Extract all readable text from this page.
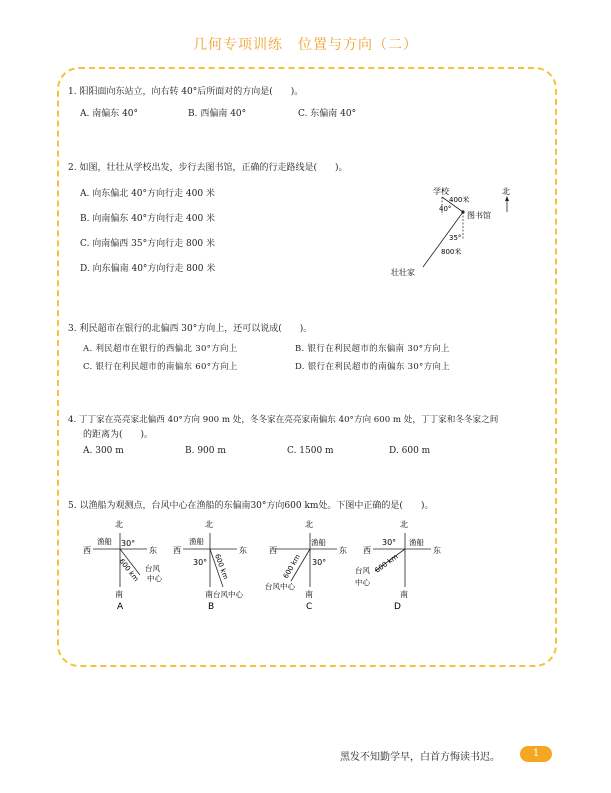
几何专项训练　位置与方向（二）
1. 阳阳面向东站立，向右转 40°后所面对的方向是(　　)。
A. 南偏东 40°	B. 西偏南 40°	C. 东偏南 40°
2. 如图，壮壮从学校出发，步行去图书馆，正确的行走路线是(　　)。
A. 向东偏北 40°方向行走 400 米
B. 向南偏东 40°方向行走 400 米
C. 向南偏西 35°方向行走 800 米
D. 向东偏南 40°方向行走 800 米
学校	北
400米
40°
图书馆
35°
800米
壮壮家
3. 利民超市在银行的北偏西 30°方向上，还可以说成(　　)。
A. 利民超市在银行的西偏北 30°方向上	B. 银行在利民超市的东偏南 30°方向上
C. 银行在利民超市的南偏东 60°方向上	D. 银行在利民超市的南偏东 30°方向上
4. 丁丁家在亮亮家北偏西 40°方向 900 m 处，冬冬家在亮亮家南偏东 40°方向 600 m 处，丁丁家和冬冬家之间
的距离为(　　)。
A. 300 m	B. 900 m	C. 1500 m	D. 600 m
5. 以渔船为观测点，台风中心在渔船的东偏南30°方向600 km处。下图中正确的是(　　)。
北
西	东
南
渔船 30°
600 km 台风
中心
A
北
西	东
南
渔船
30° 600 km
台风中心
B
北
西	东
南
渔船
30°
600 km
台风中心
C
北
西	东
南
渔船
30°
600 km
台风
中心
D
黑发不知勤学早，白首方悔读书迟。	1
